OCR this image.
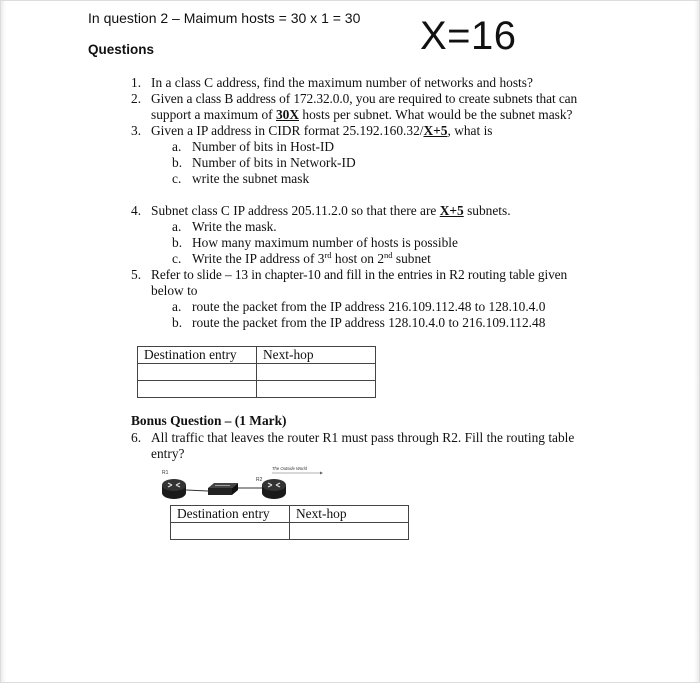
In question 2 – Maimum hosts = 30 x 1 = 30 X=16
Questions
1. In a class C address, find the maximum number of networks and hosts?
2. Given a class B address of 172.32.0.0, you are required to create subnets that can
support a maximum of 30X hosts per subnet. What would be the subnet mask?
3. Given a IP address in CIDR format 25.192.160.32/X+5, what is
a. Number of bits in Host-ID
b. Number of bits in Network-ID
c. write the subnet mask
4. Subnet class C IP address 205.11.2.0 so that there are X+5 subnets.
a. Write the mask.
b. How many maximum number of hosts is possible
c. Write the IP address of 3rd host on 2nd subnet
5. Refer to slide – 13 in chapter-10 and fill in the entries in R2 routing table given
below to
a. route the packet from the IP address 216.109.112.48 to 128.10.4.0
b. route the packet from the IP address 128.10.4.0 to 216.109.112.48
Destination entry	Next-hop

Bonus Question – (1 Mark)
6. All traffic that leaves the router R1 must pass through R2. Fill the routing table
entry?
R1
R2
The Outside World
Destination entry	Next-hop
